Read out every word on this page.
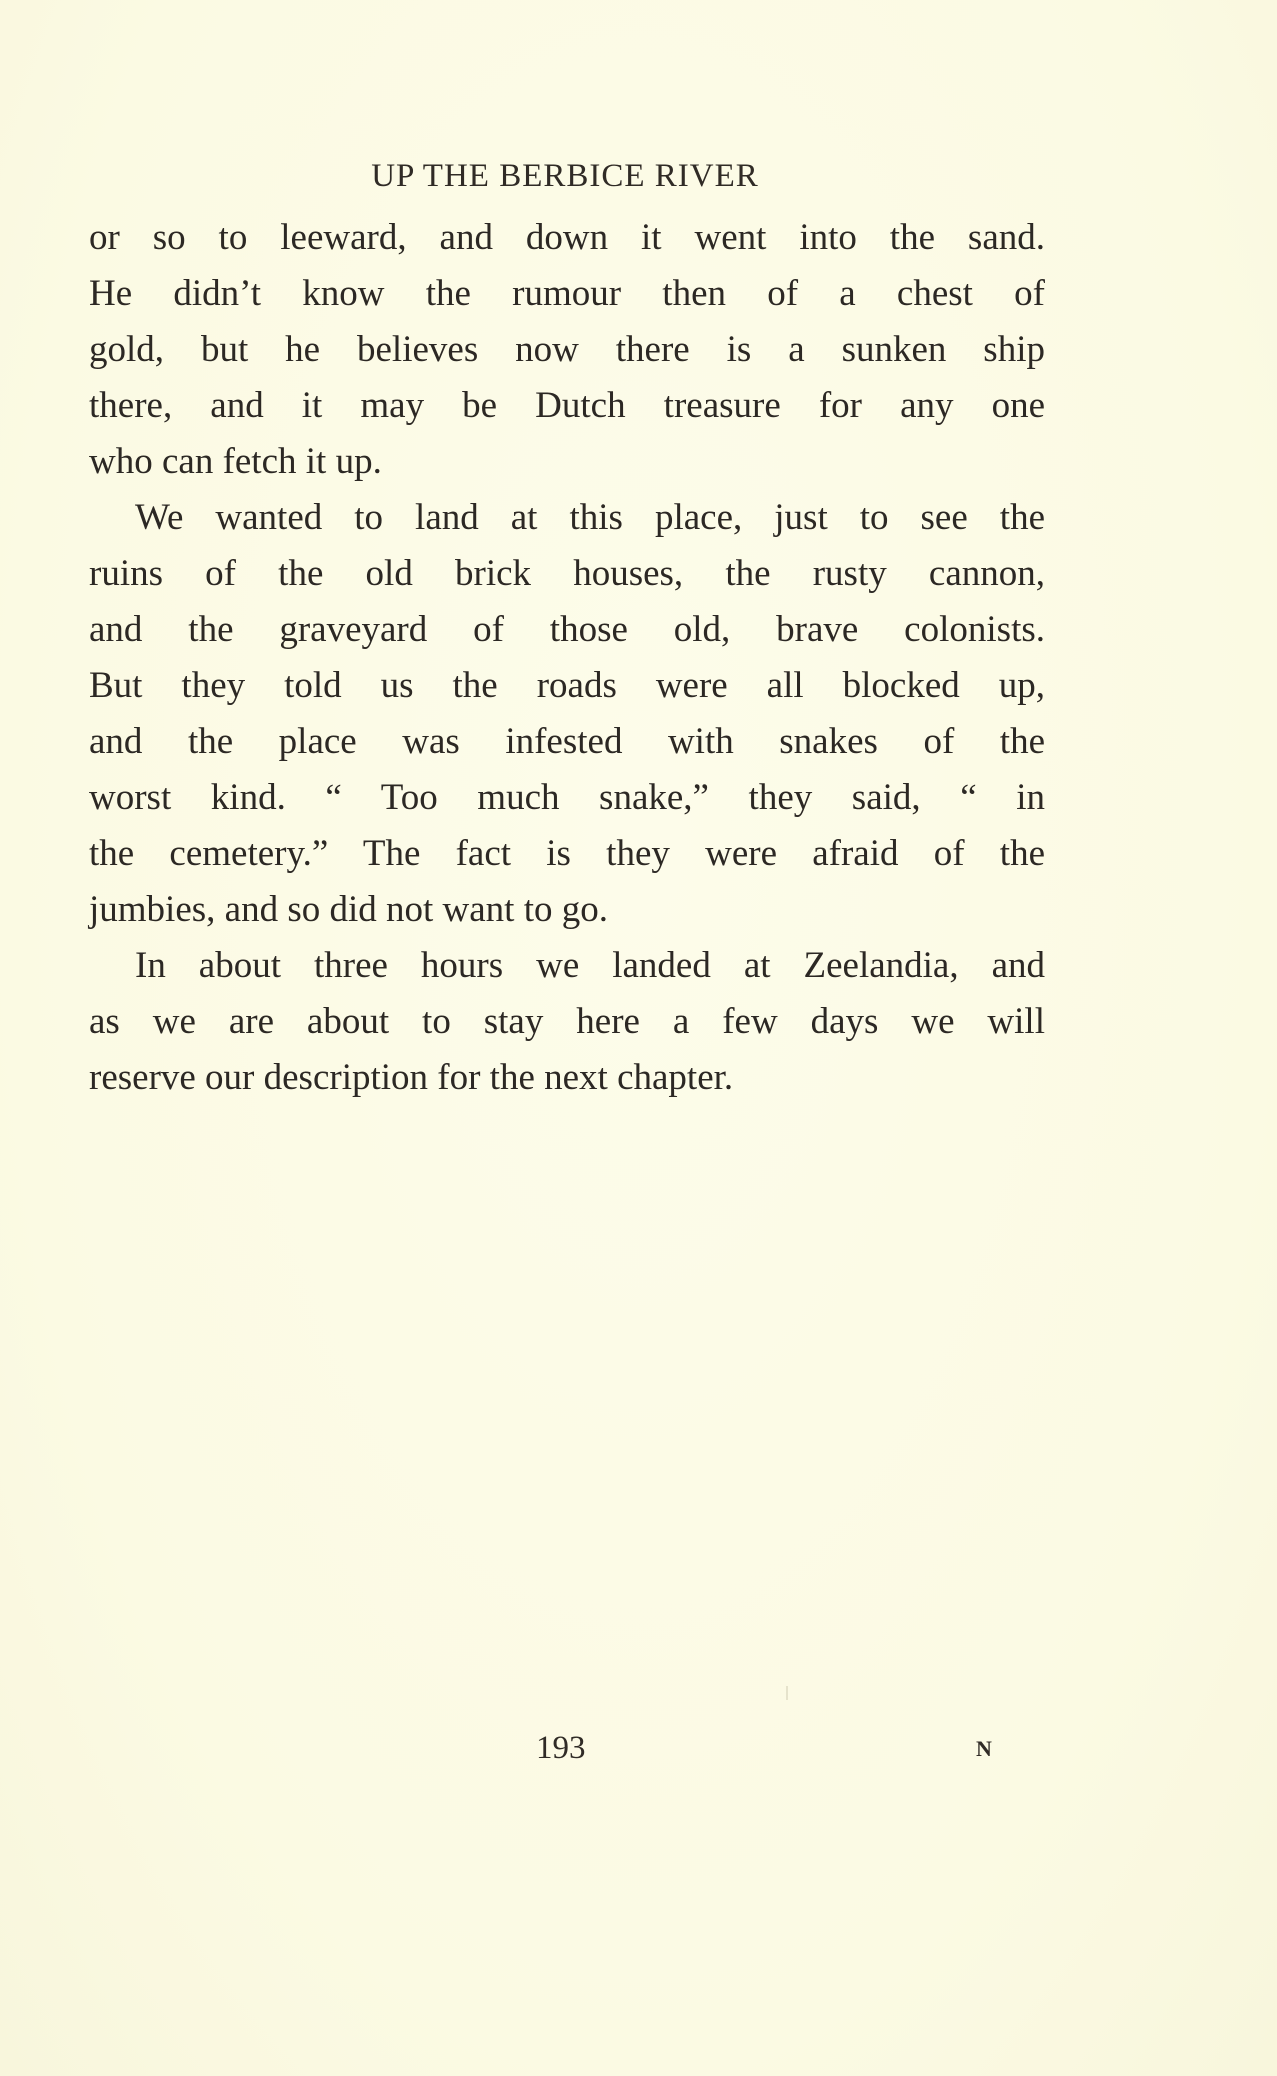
UP THE BERBICE RIVER
or so to leeward, and down it went into the sand.
He didn’t know the rumour then of a chest of
gold, but he believes now there is a sunken ship
there, and it may be Dutch treasure for any one
who can fetch it up.
We wanted to land at this place, just to see the
ruins of the old brick houses, the rusty cannon,
and the graveyard of those old, brave colonists.
But they told us the roads were all blocked up,
and the place was infested with snakes of the
worst kind. “ Too much snake,” they said, “ in
the cemetery.” The fact is they were afraid of the
jumbies, and so did not want to go.
In about three hours we landed at Zeelandia, and
as we are about to stay here a few days we will
reserve our description for the next chapter.
193	N
